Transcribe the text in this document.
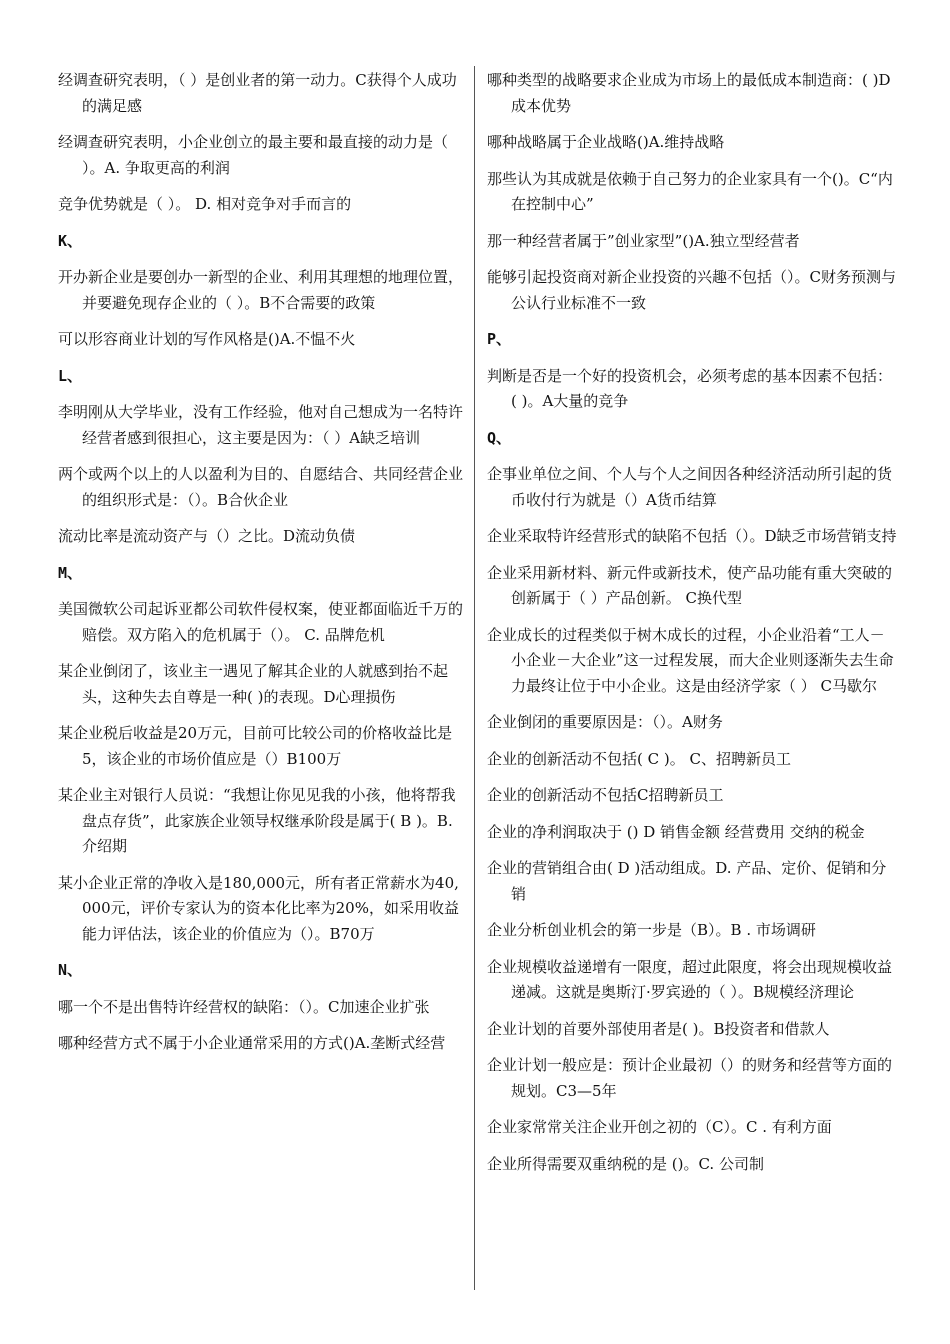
经调查研究表明，（ ）是创业者的第一动力。C获得个人成功的满足感

经调查研究表明，小企业创立的最主要和最直接的动力是（ ）。A. 争取更高的利润

竞争优势就是（ ）。 D. 相对竞争对手而言的

K、

开办新企业是要创办一新型的企业、利用其理想的地理位置，并要避免现存企业的（ ）。B不合需要的政策

可以形容商业计划的写作风格是()A.不愠不火

L、

李明刚从大学毕业，没有工作经验，他对自己想成为一名特许经营者感到很担心，这主要是因为：（ ）A缺乏培训

两个或两个以上的人以盈利为目的、自愿结合、共同经营企业的组织形式是：（）。B合伙企业

流动比率是流动资产与（）之比。D流动负债

M、

美国微软公司起诉亚都公司软件侵权案，使亚都面临近千万的赔偿。双方陷入的危机属于（）。 C. 品牌危机

某企业倒闭了，该业主一遇见了解其企业的人就感到抬不起头，这种失去自尊是一种( )的表现。D心理损伤

某企业税后收益是20万元，目前可比较公司的价格收益比是5，该企业的市场价值应是（）B100万

某企业主对银行人员说：“我想让你见见我的小孩，他将帮我盘点存货”，此家族企业领导权继承阶段是属于( B )。B. 介绍期

某小企业正常的净收入是180,000元，所有者正常薪水为40,000元，评价专家认为的资本化比率为20%，如采用收益能力评估法，该企业的价值应为（）。B70万

N、

哪一个不是出售特许经营权的缺陷：（）。C加速企业扩张

哪种经营方式不属于小企业通常采用的方式()A.垄断式经营

哪种类型的战略要求企业成为市场上的最低成本制造商：( )D成本优势

哪种战略属于企业战略()A.维持战略

那些认为其成就是依赖于自己努力的企业家具有一个()。C“内在控制中心”

那一种经营者属于”创业家型”()A.独立型经营者

能够引起投资商对新企业投资的兴趣不包括（）。C财务预测与公认行业标准不一致

P、

判断是否是一个好的投资机会，必须考虑的基本因素不包括：( )。A大量的竞争

Q、

企事业单位之间、个人与个人之间因各种经济活动所引起的货币收付行为就是（）A货币结算

企业采取特许经营形式的缺陷不包括（）。D缺乏市场营销支持

企业采用新材料、新元件或新技术，使产品功能有重大突破的创新属于（ ）产品创新。 C换代型

企业成长的过程类似于树木成长的过程，小企业沿着“工人－小企业－大企业”这一过程发展，而大企业则逐渐失去生命力最终让位于中小企业。这是由经济学家（ ） C马歇尔

企业倒闭的重要原因是：（）。A财务

企业的创新活动不包括( C )。 C、招聘新员工

企业的创新活动不包括C招聘新员工

企业的净利润取决于 () D 销售金额 经营费用 交纳的税金

企业的营销组合由( D )活动组成。D. 产品、定价、促销和分销

企业分析创业机会的第一步是（B）。B . 市场调研

企业规模收益递增有一限度，超过此限度，将会出现规模收益递减。这就是奥斯汀·罗宾逊的（ ）。B规模经济理论

企业计划的首要外部使用者是( )。B投资者和借款人

企业计划一般应是：预计企业最初（）的财务和经营等方面的规划。C3—5年

企业家常常关注企业开创之初的（C）。C . 有利方面

企业所得需要双重纳税的是 ()。C. 公司制
